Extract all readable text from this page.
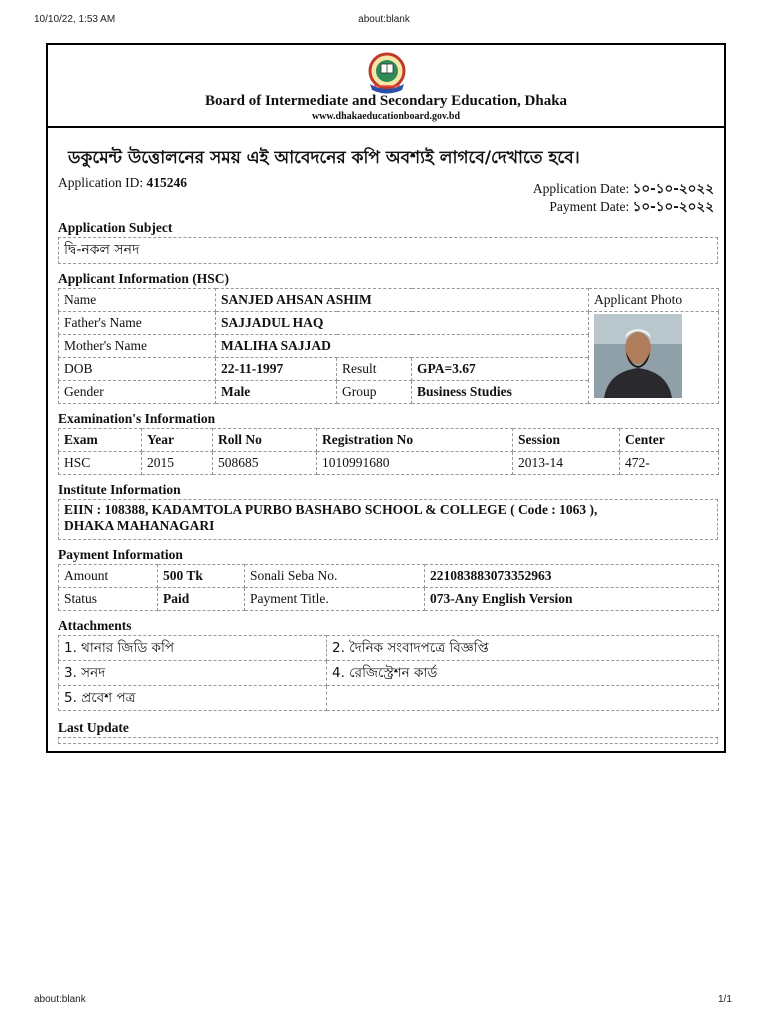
10/10/22, 1:53 AM	about:blank
about:blank	1/1
Board of Intermediate and Secondary Education, Dhaka
www.dhakaeducationboard.gov.bd
ডকুমেন্ট উত্তোলনের সময় এই আবেদনের কপি অবশ্যই লাগবে/দেখাতে হবে।
Application ID: 415246	Application Date: ১০-১০-২০২২
Payment Date: ১০-১০-২০২২
Application Subject
দ্বি-নকল সনদ
Applicant Information (HSC)
Name	SANJED AHSAN ASHIM			Applicant Photo
Father's Name	SAJJADUL HAQ	
Mother's Name	MALIHA SAJJAD			
DOB	22-11-1997	Result	GPA=3.67	
Gender	Male	Group	Business Studies	
Examination's Information
Exam	Year	Roll No	Registration No	Session	Center
HSC	2015	508685	1010991680	2013-14	472-
Institute Information
EIIN : 108388, KADAMTOLA PURBO BASHABO SCHOOL & COLLEGE ( Code : 1063 ),
DHAKA MAHANAGARI
Payment Information
Amount	500 Tk	Sonali Seba No.	221083883073352963
Status	Paid	Payment Title.	073-Any English Version
Attachments
1. থানার জিডি কপি	2. দৈনিক সংবাদপত্রে বিজ্ঞপ্তি
3. সনদ	4. রেজিস্ট্রেশন কার্ড
5. প্রবেশ পত্র	
Last Update
